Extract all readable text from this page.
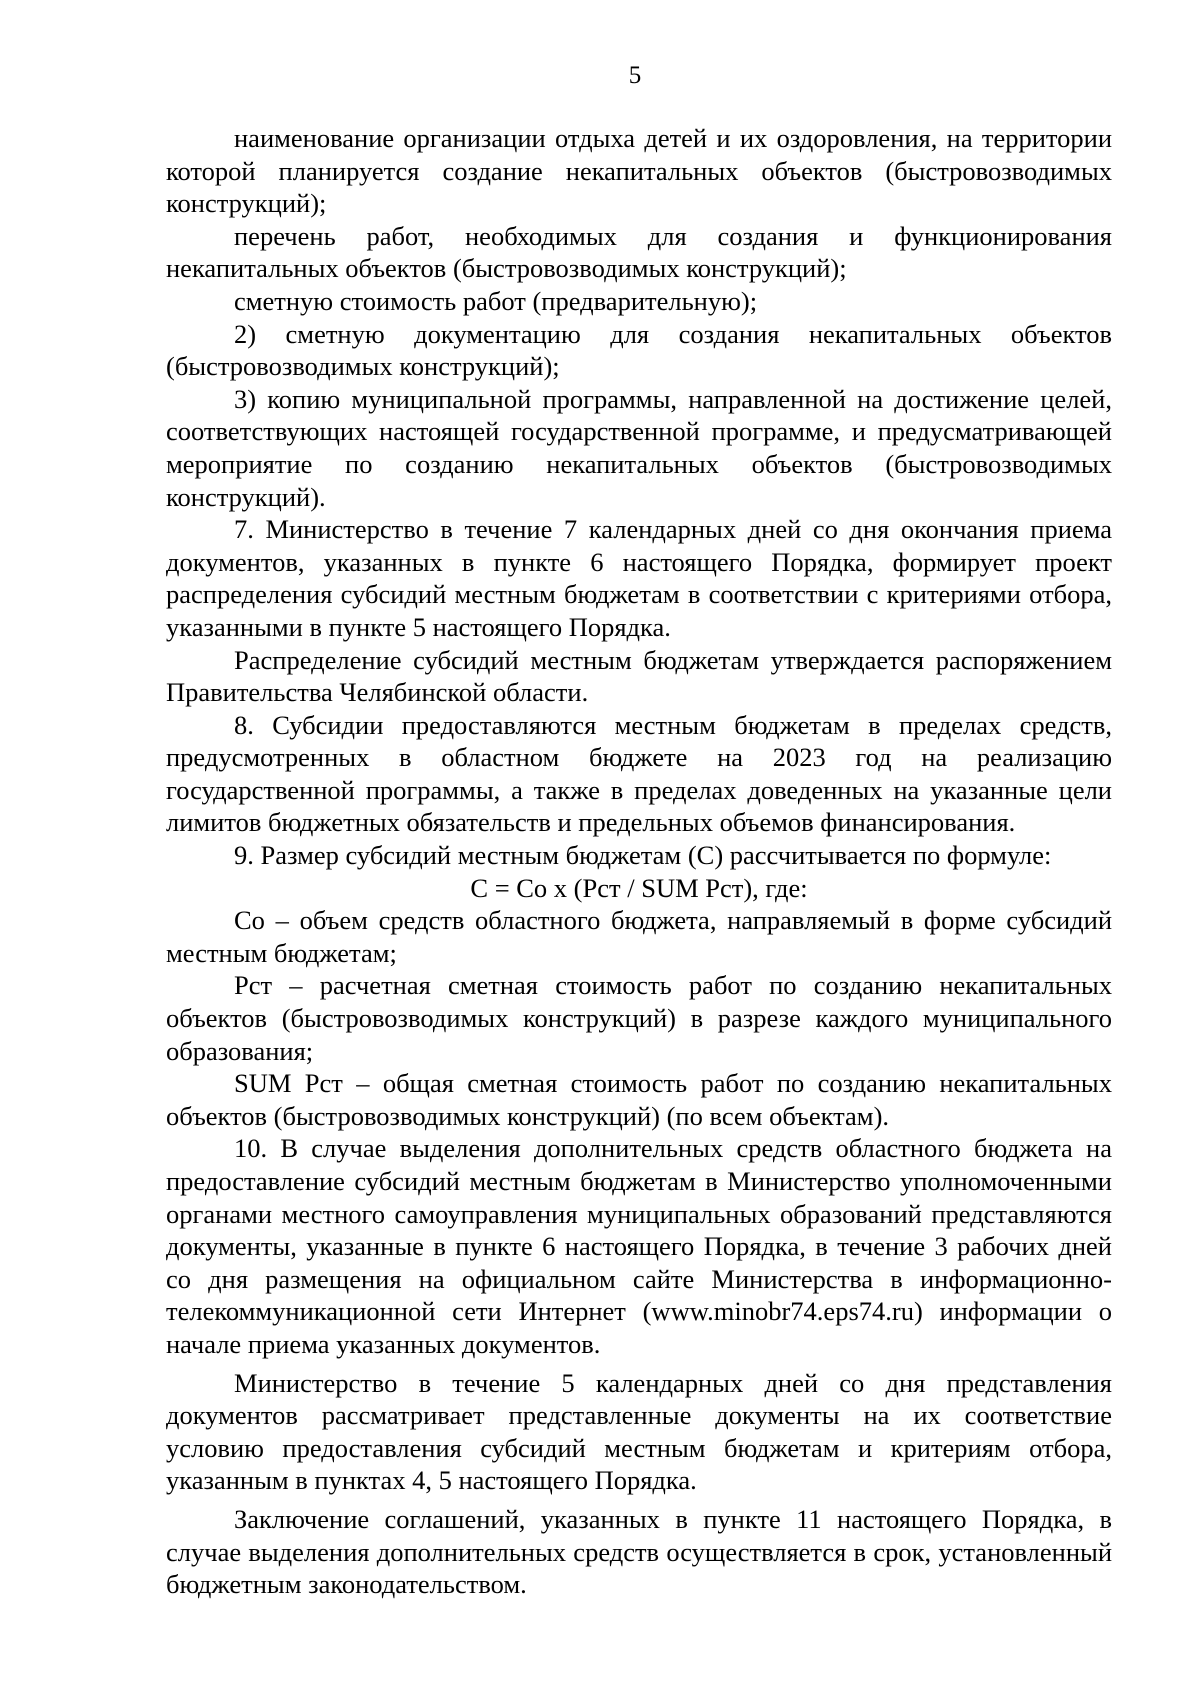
5

наименование организации отдыха детей и их оздоровления, на территории которой планируется создание некапитальных объектов (быстровозводимых конструкций);

перечень работ, необходимых для создания и функционирования некапитальных объектов (быстровозводимых конструкций);

сметную стоимость работ (предварительную);

2) сметную документацию для создания некапитальных объектов (быстровозводимых конструкций);

3) копию муниципальной программы, направленной на достижение целей, соответствующих настоящей государственной программе, и предусматривающей мероприятие по созданию некапитальных объектов (быстровозводимых конструкций).

7. Министерство в течение 7 календарных дней со дня окончания приема документов, указанных в пункте 6 настоящего Порядка, формирует проект распределения субсидий местным бюджетам в соответствии с критериями отбора, указанными в пункте 5 настоящего Порядка.

Распределение субсидий местным бюджетам утверждается распоряжением Правительства Челябинской области.

8. Субсидии предоставляются местным бюджетам в пределах средств, предусмотренных в областном бюджете на 2023 год на реализацию государственной программы, а также в пределах доведенных на указанные цели лимитов бюджетных обязательств и предельных объемов финансирования.

9. Размер субсидий местным бюджетам (С) рассчитывается по формуле:

С = Со х (Рст / SUM Рст), где:

Со – объем средств областного бюджета, направляемый в форме субсидий местным бюджетам;

Рст – расчетная сметная стоимость работ по созданию некапитальных объектов (быстровозводимых конструкций) в разрезе каждого муниципального образования;

SUM Рст – общая сметная стоимость работ по созданию некапитальных объектов (быстровозводимых конструкций) (по всем объектам).

10. В случае выделения дополнительных средств областного бюджета на предоставление субсидий местным бюджетам в Министерство уполномоченными органами местного самоуправления муниципальных образований представляются документы, указанные в пункте 6 настоящего Порядка, в течение 3 рабочих дней со дня размещения на официальном сайте Министерства в информационно-телекоммуникационной сети Интернет (www.minobr74.eps74.ru) информации о начале приема указанных документов.

Министерство в течение 5 календарных дней со дня представления документов рассматривает представленные документы на их соответствие условию предоставления субсидий местным бюджетам и критериям отбора, указанным в пунктах 4, 5 настоящего Порядка.

Заключение соглашений, указанных в пункте 11 настоящего Порядка, в случае выделения дополнительных средств осуществляется в срок, установленный бюджетным законодательством.
